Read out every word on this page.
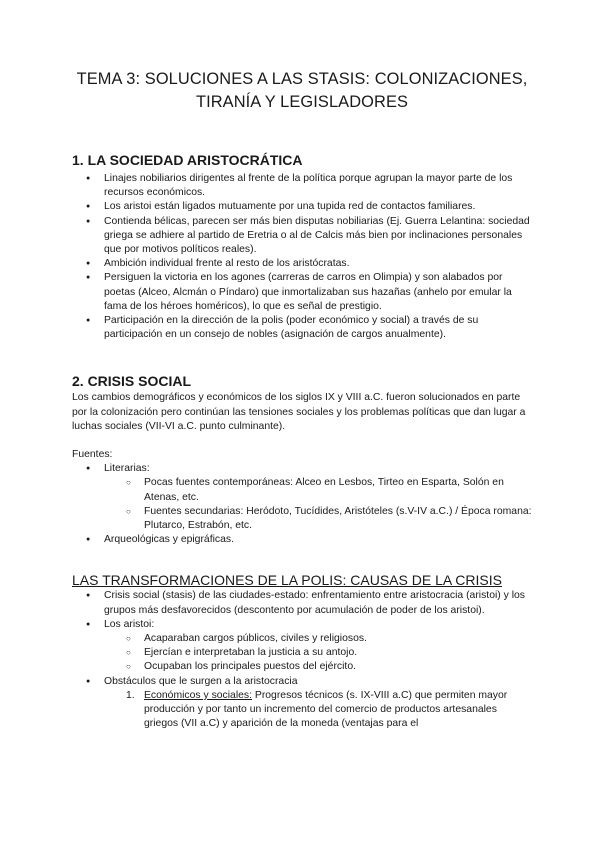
TEMA 3: SOLUCIONES A LAS STASIS: COLONIZACIONES,
TIRANÍA Y LEGISLADORES
1. LA SOCIEDAD ARISTOCRÁTICA
● Linajes nobiliarios dirigentes al frente de la política porque agrupan la mayor parte de los recursos económicos.
● Los aristoi están ligados mutuamente por una tupida red de contactos familiares.
● Contienda bélicas, parecen ser más bien disputas nobiliarias (Ej. Guerra Lelantina: sociedad griega se adhiere al partido de Eretria o al de Calcis más bien por inclinaciones personales que por motivos políticos reales).
● Ambición individual frente al resto de los aristócratas.
● Persiguen la victoria en los agones (carreras de carros en Olimpia) y son alabados por poetas (Alceo, Alcmán o Píndaro) que inmortalizaban sus hazañas (anhelo por emular la fama de los héroes homéricos), lo que es señal de prestigio.
● Participación en la dirección de la polis (poder económico y social) a través de su participación en un consejo de nobles (asignación de cargos anualmente).
2. CRISIS SOCIAL

Los cambios demográficos y económicos de los siglos IX y VIII a.C. fueron solucionados en parte por la colonización pero continúan las tensiones sociales y los problemas políticas que dan lugar a luchas sociales (VII-VI a.C. punto culminante).

Fuentes:

● Literarias:
○ Pocas fuentes contemporáneas: Alceo en Lesbos, Tirteo en Esparta, Solón en Atenas, etc.
○ Fuentes secundarias: Heródoto, Tucídides, Aristóteles (s.V-IV a.C.) / Época romana: Plutarco, Estrabón, etc.
● Arqueológicas y epigráficas.
LAS TRANSFORMACIONES DE LA POLIS: CAUSAS DE LA CRISIS
● Crisis social (stasis) de las ciudades-estado: enfrentamiento entre aristocracia (aristoi) y los grupos más desfavorecidos (descontento por acumulación de poder de los aristoi).
● Los aristoi:
○ Acaparaban cargos públicos, civiles y religiosos.
○ Ejercían e interpretaban la justicia a su antojo.
○ Ocupaban los principales puestos del ejército.
● Obstáculos que le surgen a la aristocracia
1. Económicos y sociales: Progresos técnicos (s. IX-VIII a.C) que permiten mayor producción y por tanto un incremento del comercio de productos artesanales griegos (VII a.C) y aparición de la moneda (ventajas para el
